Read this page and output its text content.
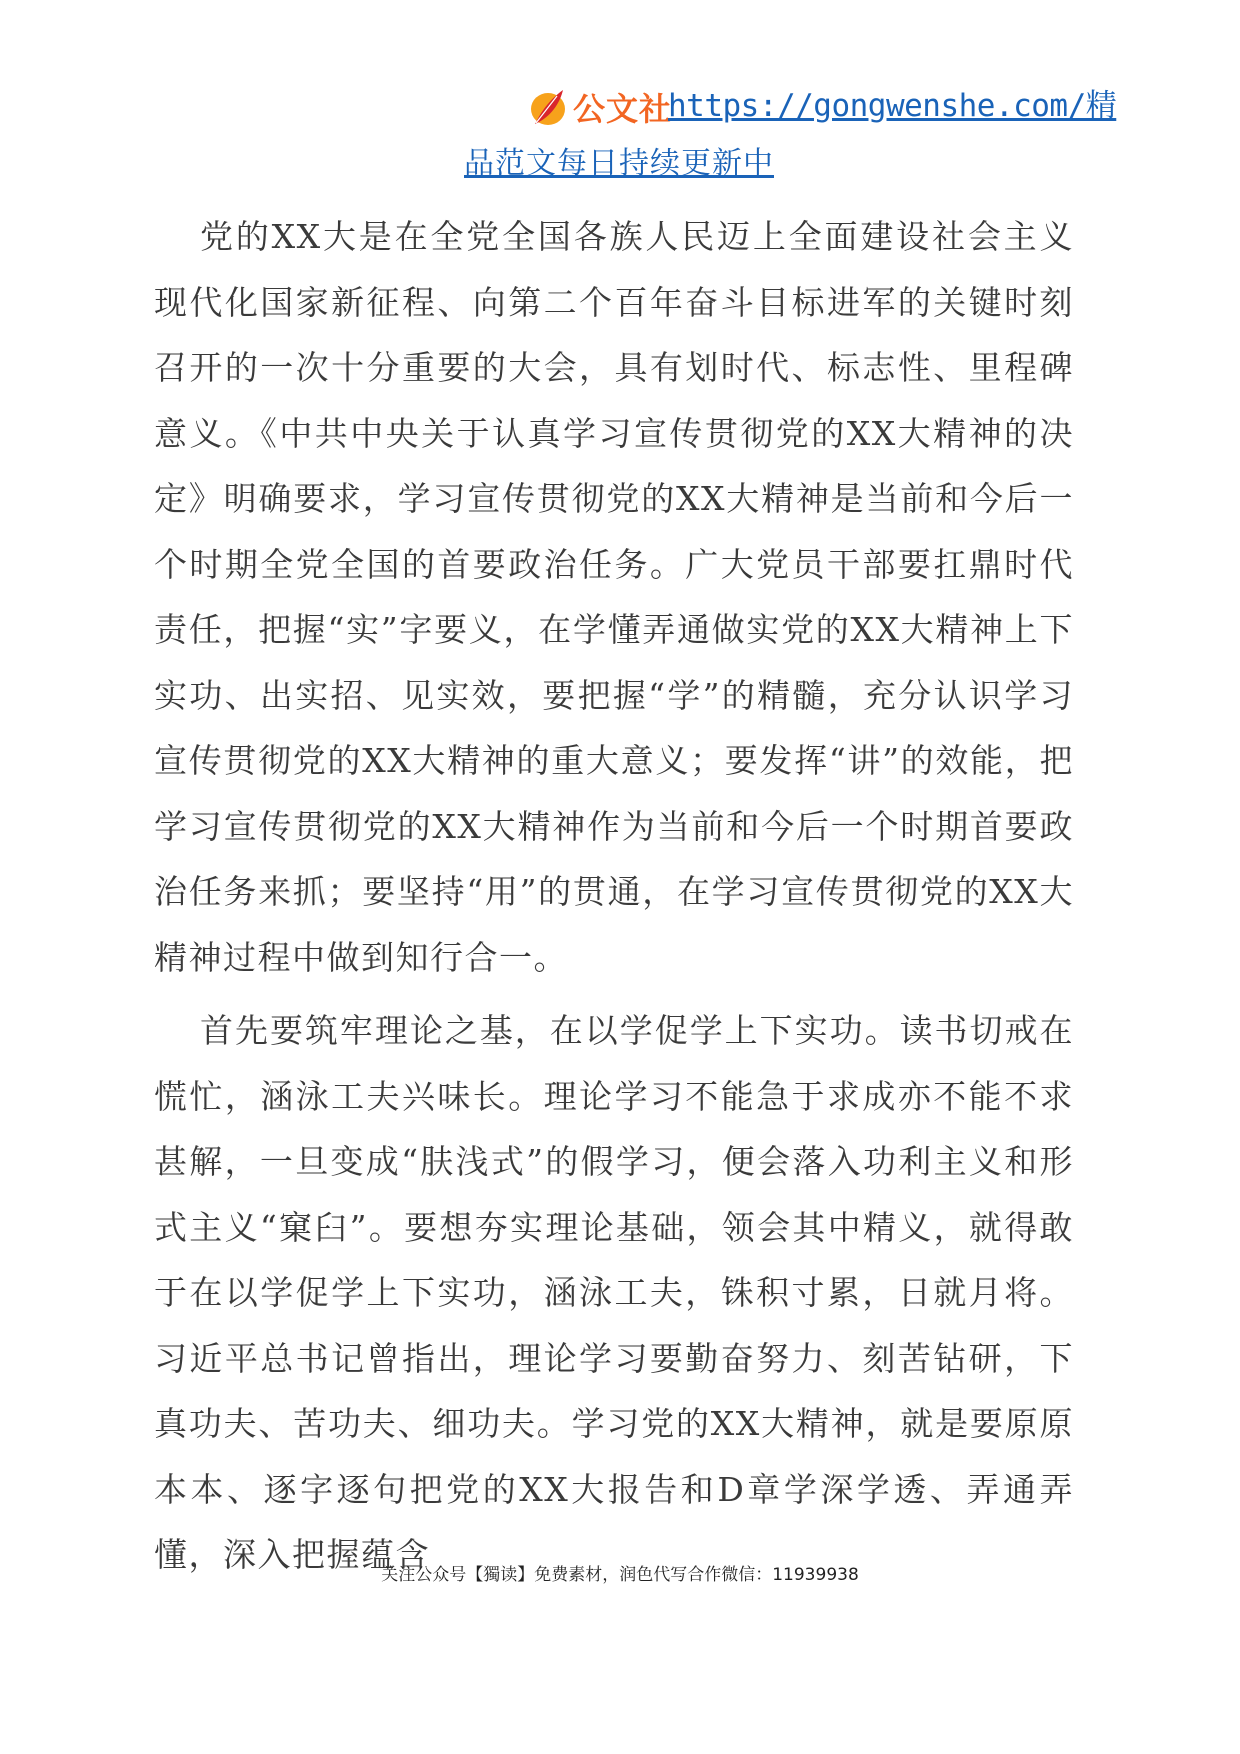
公文社
https://gongwenshe.com/精
品范文每日持续更新中

党的XX大是在全党全国各族人民迈上全面建设社会主义现代化国家新征程、向第二个百年奋斗目标进军的关键时刻召开的一次十分重要的大会，具有划时代、标志性、里程碑意义。《中共中央关于认真学习宣传贯彻党的XX大精神的决定》明确要求，学习宣传贯彻党的XX大精神是当前和今后一个时期全党全国的首要政治任务。广大党员干部要扛鼎时代责任，把握“实”字要义，在学懂弄通做实党的XX大精神上下实功、出实招、见实效，要把握“学”的精髓，充分认识学习宣传贯彻党的XX大精神的重大意义；要发挥“讲”的效能，把学习宣传贯彻党的XX大精神作为当前和今后一个时期首要政治任务来抓；要坚持“用”的贯通，在学习宣传贯彻党的XX大精神过程中做到知行合一。

首先要筑牢理论之基，在以学促学上下实功。读书切戒在慌忙，涵泳工夫兴味长。理论学习不能急于求成亦不能不求甚解，一旦变成“肤浅式”的假学习，便会落入功利主义和形式主义“窠臼”。要想夯实理论基础，领会其中精义，就得敢于在以学促学上下实功，涵泳工夫，铢积寸累，日就月将。习近平总书记曾指出，理论学习要勤奋努力、刻苦钻研，下真功夫、苦功夫、细功夫。学习党的XX大精神，就是要原原本本、逐字逐句把党的XX大报告和D章学深学透、弄通弄懂，深入把握蕴含

关注公众号【獨读】免费素材，润色代写合作微信：11939938
